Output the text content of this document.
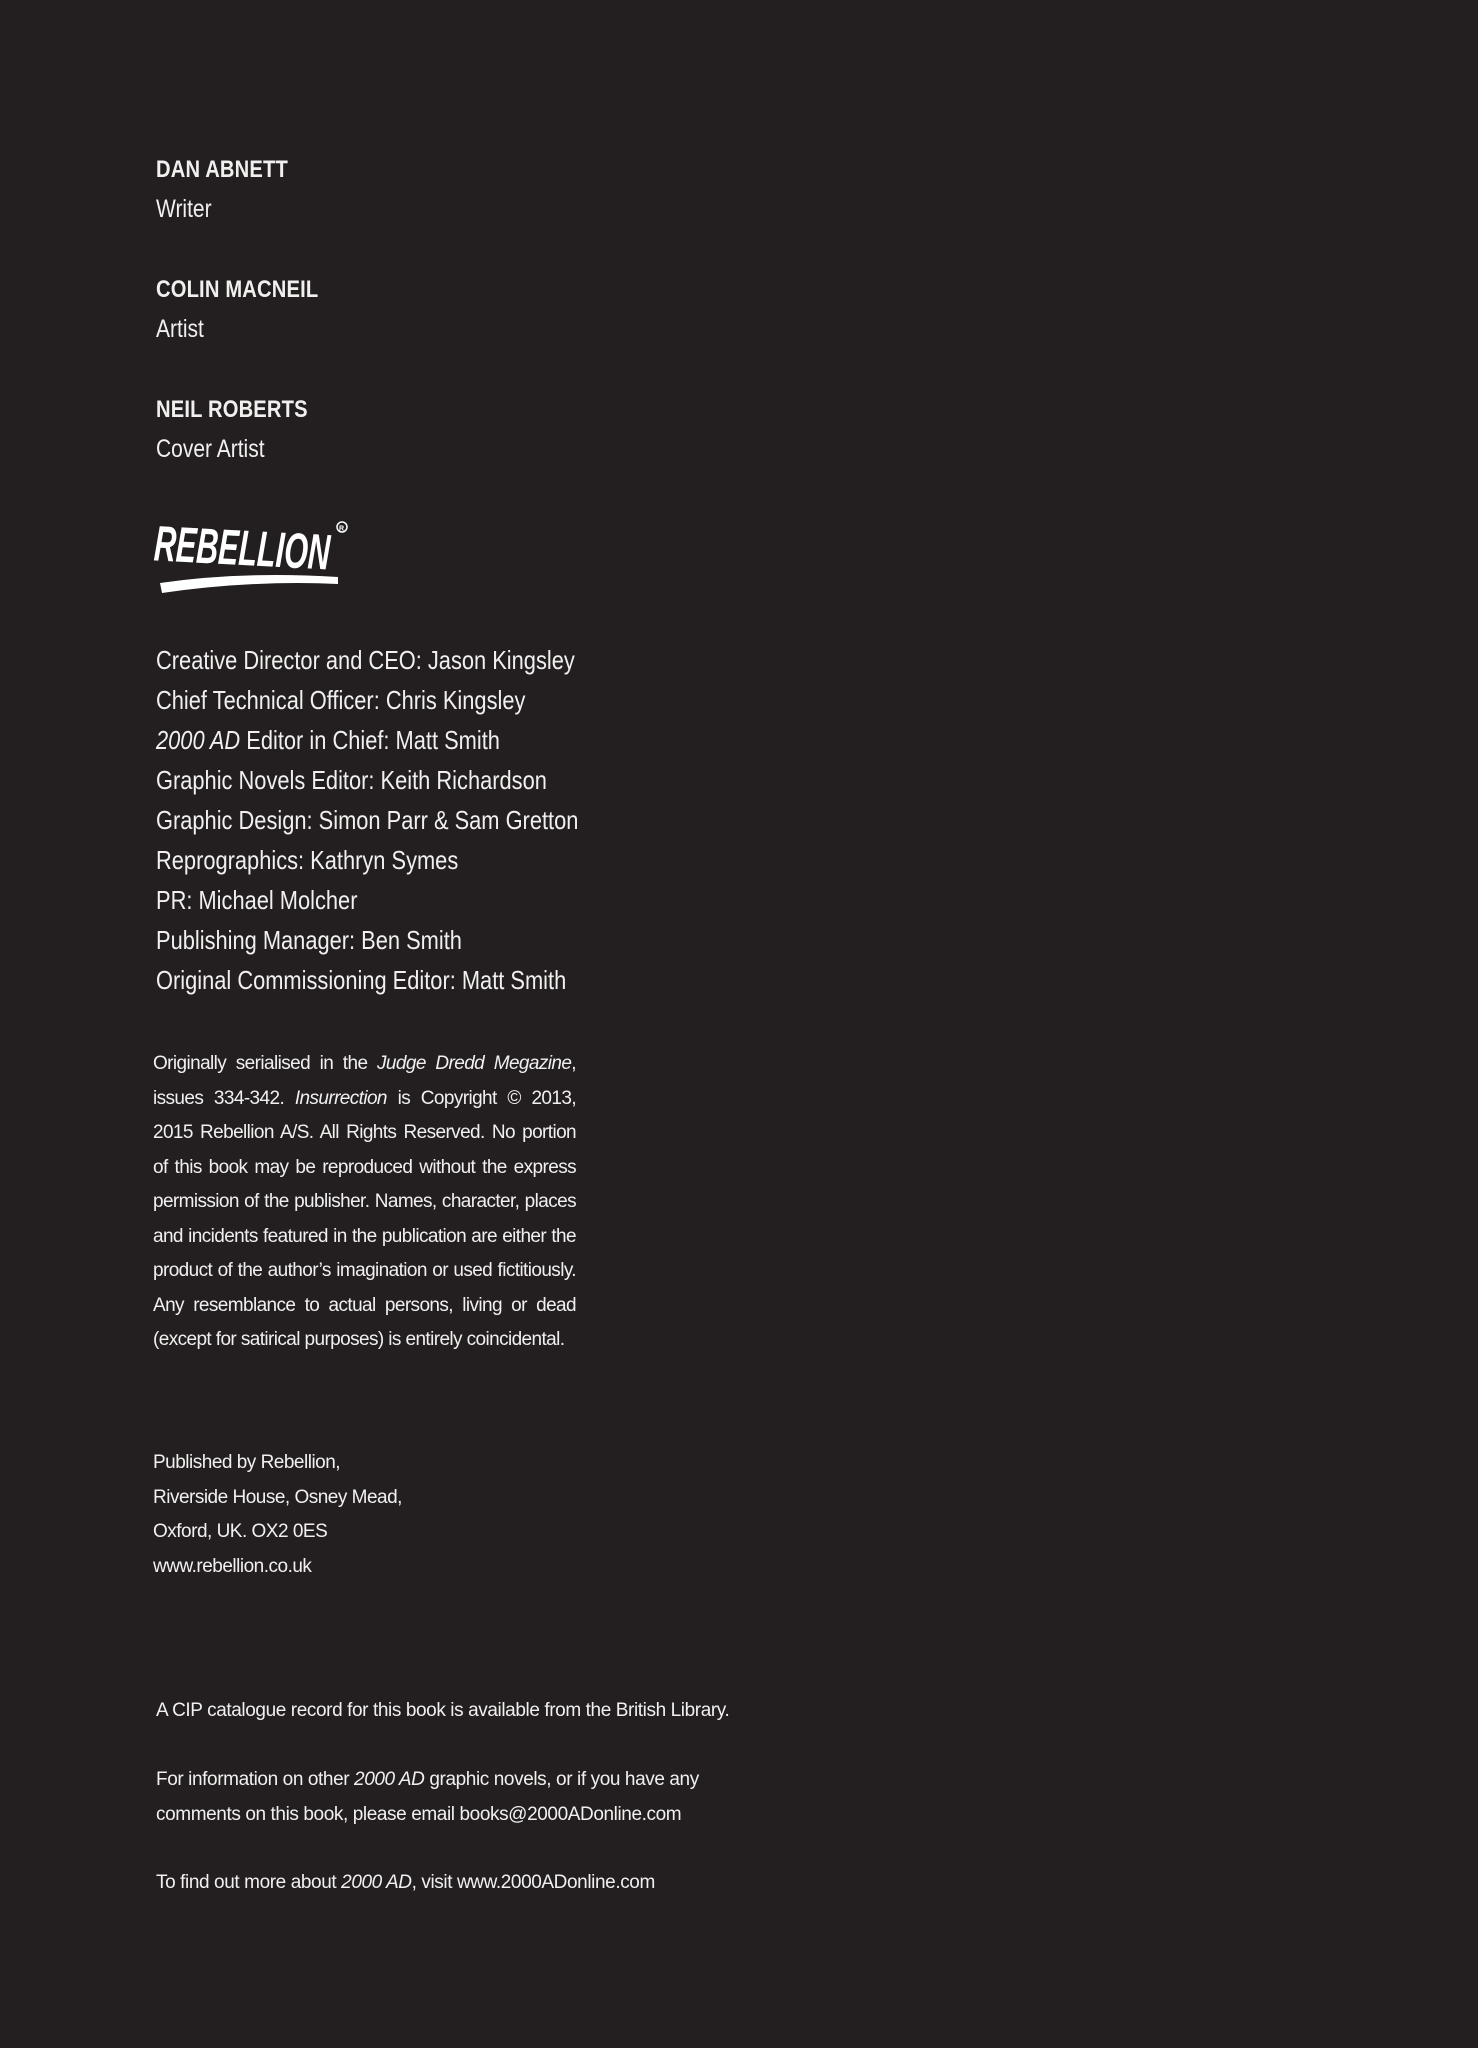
DAN ABNETT
Writer
COLIN MACNEIL
Artist
NEIL ROBERTS
Cover Artist
REBELLION
R
Creative Director and CEO: Jason Kingsley
Chief Technical Officer: Chris Kingsley
2000 AD Editor in Chief: Matt Smith
Graphic Novels Editor: Keith Richardson
Graphic Design: Simon Parr & Sam Gretton
Reprographics: Kathryn Symes
PR: Michael Molcher
Publishing Manager: Ben Smith
Original Commissioning Editor: Matt Smith
Originally serialised in the Judge Dredd Megazine, issues 334-342. Insurrection is Copyright © 2013, 2015 Rebellion A/S. All Rights Reserved. No portion of this book may be reproduced without the express permission of the publisher. Names, character, places and incidents featured in the publication are either the product of the author’s imagination or used fictitiously. Any resemblance to actual persons, living or dead (except for satirical purposes) is entirely coincidental.
Published by Rebellion,
Riverside House, Osney Mead,
Oxford, UK. OX2 0ES
www.rebellion.co.uk
A CIP catalogue record for this book is available from the British Library.
For information on other 2000 AD graphic novels, or if you have any
comments on this book, please email books@2000ADonline.com
To find out more about 2000 AD, visit www.2000ADonline.com
